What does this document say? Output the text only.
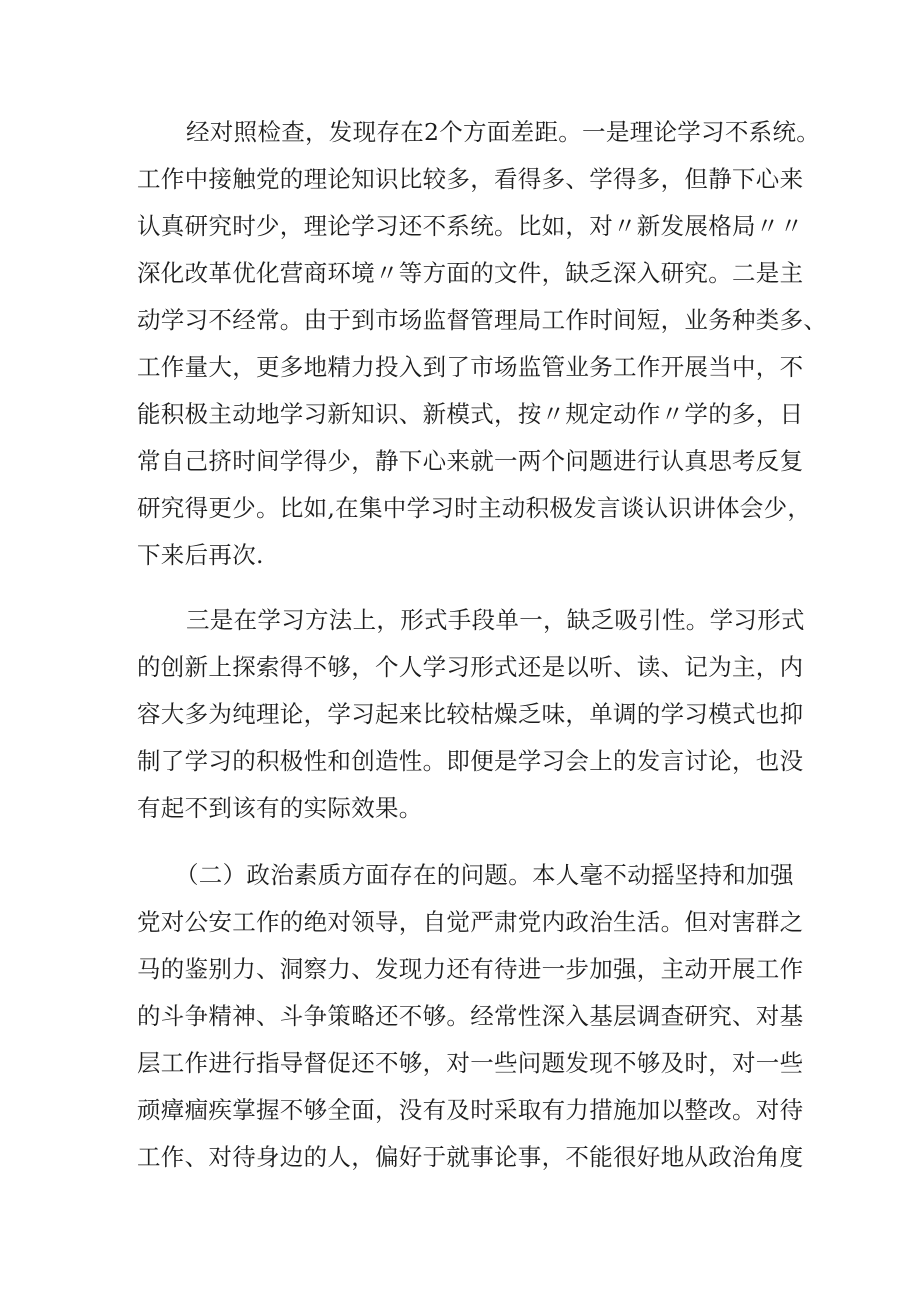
经对照检查，发现存在2个方面差距。一是理论学习不系统。
工作中接触党的理论知识比较多，看得多、学得多，但静下心来
认真研究时少，理论学习还不系统。比如，对〃新发展格局〃〃
深化改革优化营商环境〃等方面的文件，缺乏深入研究。二是主
动学习不经常。由于到市场监督管理局工作时间短，业务种类多、
工作量大，更多地精力投入到了市场监管业务工作开展当中，不
能积极主动地学习新知识、新模式，按〃规定动作〃学的多，日
常自己挤时间学得少，静下心来就一两个问题进行认真思考反复
研究得更少。比如,在集中学习时主动积极发言谈认识讲体会少，
下来后再次.
三是在学习方法上，形式手段单一，缺乏吸引性。学习形式
的创新上探索得不够，个人学习形式还是以听、读、记为主，内
容大多为纯理论，学习起来比较枯燥乏味，单调的学习模式也抑
制了学习的积极性和创造性。即便是学习会上的发言讨论，也没
有起不到该有的实际效果。
（二）政治素质方面存在的问题。本人毫不动摇坚持和加强
党对公安工作的绝对领导，自觉严肃党内政治生活。但对害群之
马的鉴别力、洞察力、发现力还有待进一步加强，主动开展工作
的斗争精神、斗争策略还不够。经常性深入基层调查研究、对基
层工作进行指导督促还不够，对一些问题发现不够及时，对一些
顽瘴痼疾掌握不够全面，没有及时采取有力措施加以整改。对待
工作、对待身边的人，偏好于就事论事，不能很好地从政治角度
